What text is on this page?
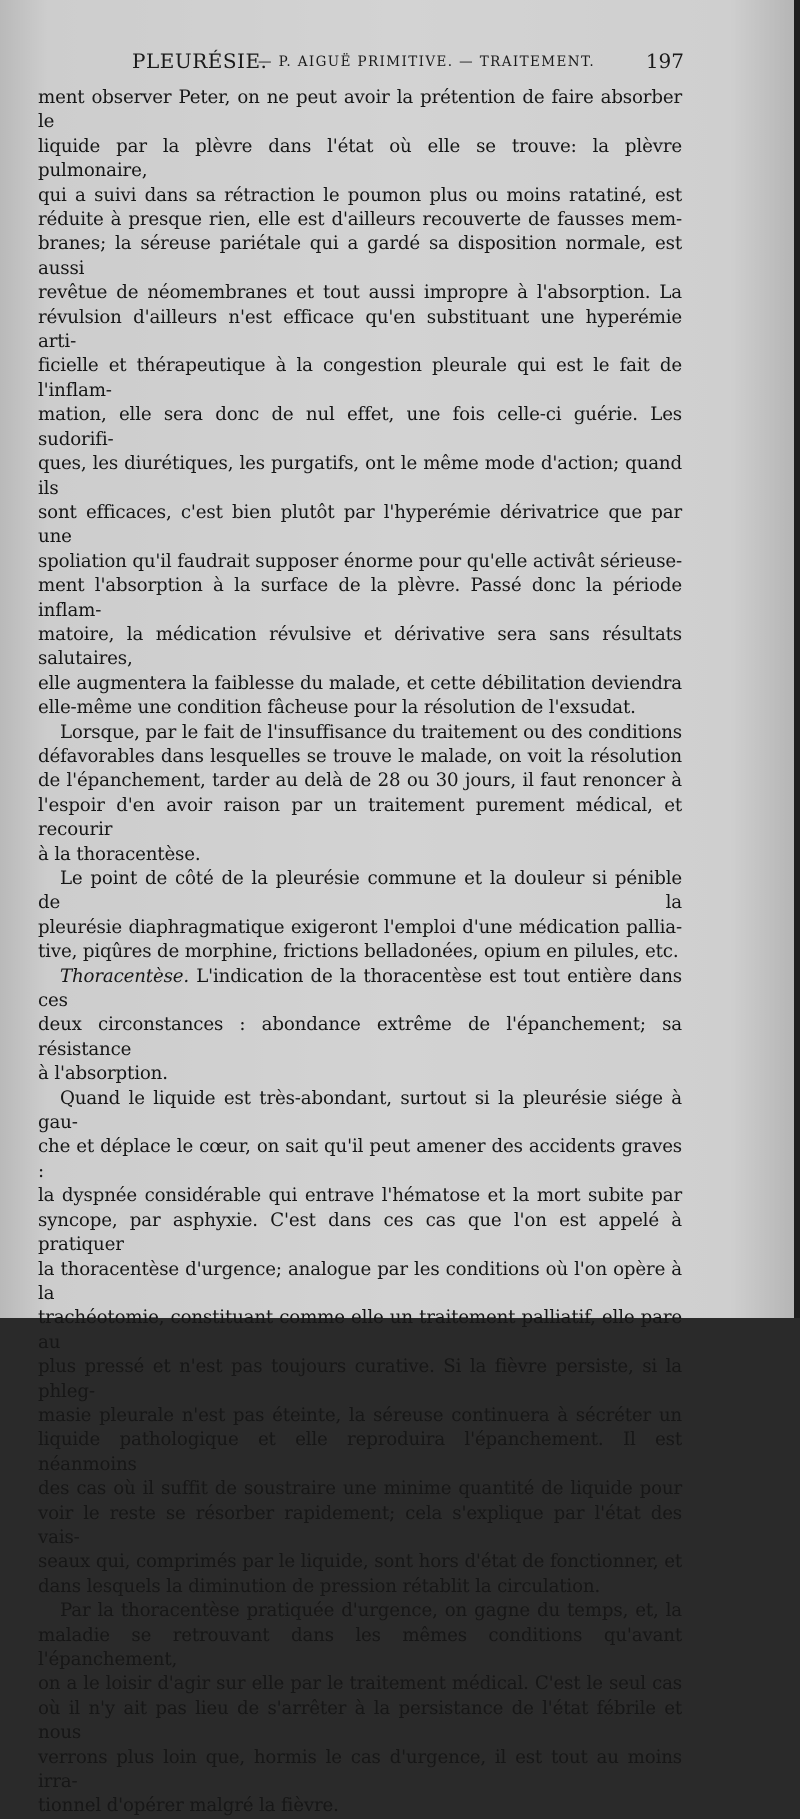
PLEURÉSIE.
— P. AIGUË PRIMITIVE. — TRAITEMENT.	197

ment observer Peter, on ne peut avoir la prétention de faire absorber le

liquide par la plèvre dans l'état où elle se trouve: la plèvre pulmonaire,

qui a suivi dans sa rétraction le poumon plus ou moins ratatiné, est

réduite à presque rien, elle est d'ailleurs recouverte de fausses mem-

branes; la séreuse pariétale qui a gardé sa disposition normale, est aussi

revêtue de néomembranes et tout aussi impropre à l'absorption. La

révulsion d'ailleurs n'est efficace qu'en substituant une hyperémie arti-

ficielle et thérapeutique à la congestion pleurale qui est le fait de l'inflam-

mation, elle sera donc de nul effet, une fois celle-ci guérie. Les sudorifi-

ques, les diurétiques, les purgatifs, ont le même mode d'action; quand ils

sont efficaces, c'est bien plutôt par l'hyperémie dérivatrice que par une

spoliation qu'il faudrait supposer énorme pour qu'elle activât sérieuse-

ment l'absorption à la surface de la plèvre. Passé donc la période inflam-

matoire, la médication révulsive et dérivative sera sans résultats salutaires,

elle augmentera la faiblesse du malade, et cette débilitation deviendra

elle-même une condition fâcheuse pour la résolution de l'exsudat.

Lorsque, par le fait de l'insuffisance du traitement ou des conditions

défavorables dans lesquelles se trouve le malade, on voit la résolution

de l'épanchement, tarder au delà de 28 ou 30 jours, il faut renoncer à

l'espoir d'en avoir raison par un traitement purement médical, et recourir

à la thoracentèse.

Le point de côté de la pleurésie commune et la douleur si pénible de la

pleurésie diaphragmatique exigeront l'emploi d'une médication pallia-

tive, piqûres de morphine, frictions belladonées, opium en pilules, etc.

Thoracentèse. L'indication de la thoracentèse est tout entière dans ces

deux circonstances : abondance extrême de l'épanchement; sa résistance

à l'absorption.

Quand le liquide est très-abondant, surtout si la pleurésie siége à gau-

che et déplace le cœur, on sait qu'il peut amener des accidents graves :

la dyspnée considérable qui entrave l'hématose et la mort subite par

syncope, par asphyxie. C'est dans ces cas que l'on est appelé à pratiquer

la thoracentèse d'urgence; analogue par les conditions où l'on opère à la

trachéotomie, constituant comme elle un traitement palliatif, elle pare au

plus pressé et n'est pas toujours curative. Si la fièvre persiste, si la phleg-

masie pleurale n'est pas éteinte, la séreuse continuera à sécréter un

liquide pathologique et elle reproduira l'épanchement. Il est néanmoins

des cas où il suffit de soustraire une minime quantité de liquide pour

voir le reste se résorber rapidement; cela s'explique par l'état des vais-

seaux qui, comprimés par le liquide, sont hors d'état de fonctionner, et

dans lesquels la diminution de pression rétablit la circulation.

Par la thoracentèse pratiquée d'urgence, on gagne du temps, et, la

maladie se retrouvant dans les mêmes conditions qu'avant l'épanchement,

on a le loisir d'agir sur elle par le traitement médical. C'est le seul cas

où il n'y ait pas lieu de s'arrêter à la persistance de l'état fébrile et nous

verrons plus loin que, hormis le cas d'urgence, il est tout au moins irra-

tionnel d'opérer malgré la fièvre.
